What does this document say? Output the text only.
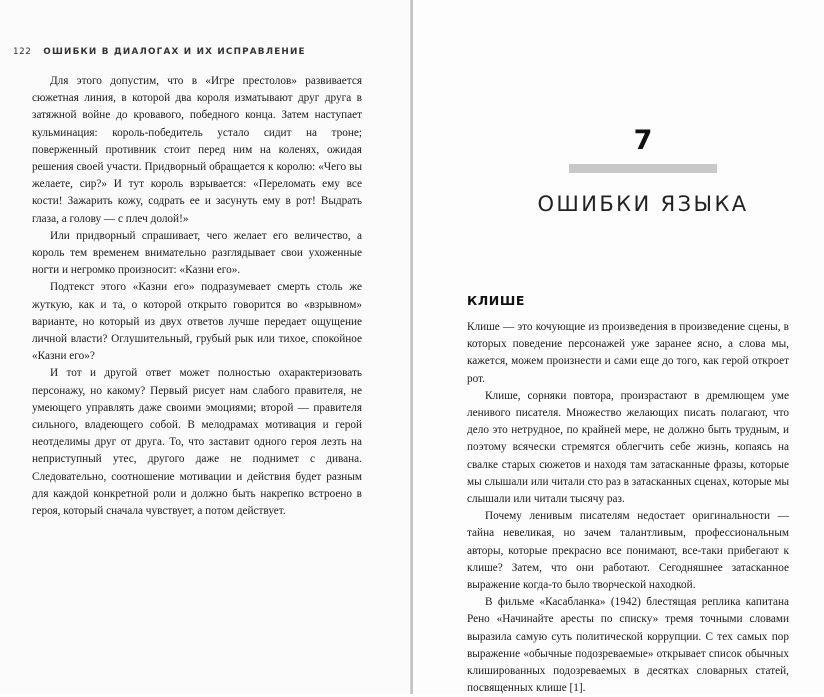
122 ОШИБКИ В ДИАЛОГАХ И ИХ ИСПРАВЛЕНИЕ

Для этого допустим, что в «Игре престолов» развивается сюжетная линия, в которой два короля изматывают друг друга в затяжной войне до кровавого, победного конца. Затем наступает кульминация: король-победитель устало сидит на троне; поверженный противник стоит перед ним на коленях, ожидая решения своей участи. Придворный обращается к королю: «Чего вы желаете, сир?» И тут король взрывается: «Переломать ему все кости! Зажарить кожу, содрать ее и засунуть ему в рот! Выдрать глаза, а голову — с плеч долой!»

Или придворный спрашивает, чего желает его величество, а король тем временем внимательно разглядывает свои ухоженные ногти и негромко произносит: «Казни его».

Подтекст этого «Казни его» подразумевает смерть столь же жуткую, как и та, о которой открыто говорится во «взрывном» варианте, но который из двух ответов лучше передает ощущение личной власти? Оглушительный, грубый рык или тихое, спокойное «Казни его»?

И тот и другой ответ может полностью охарактеризовать персонажу, но какому? Первый рисует нам слабого правителя, не умеющего управлять даже своими эмоциями; второй — правителя сильного, владеющего собой. В мелодрамах мотивация и герой неотделимы друг от друга. То, что заставит одного героя лезть на неприступный утес, другого даже не поднимет с дивана. Следовательно, соотношение мотивации и действия будет разным для каждой конкретной роли и должно быть накрепко встроено в героя, который сначала чувствует, а потом действует.

7
ОШИБКИ ЯЗЫКА
КЛИШЕ

Клише — это кочующие из произведения в произведение сцены, в которых поведение персонажей уже заранее ясно, а слова мы, кажется, можем произнести и сами еще до того, как герой откроет рот.

Клише, сорняки повтора, произрастают в дремлющем уме ленивого писателя. Множество желающих писать полагают, что дело это нетрудное, по крайней мере, не должно быть трудным, и поэтому всячески стремятся облегчить себе жизнь, копаясь на свалке старых сюжетов и находя там затасканные фразы, которые мы слышали или читали сто раз в затасканных сценах, которые мы слышали или читали тысячу раз.

Почему ленивым писателям недостает оригинальности — тайна невеликая, но зачем талантливым, профессиональным авторы, которые прекрасно все понимают, все-таки прибегают к клише? Затем, что они работают. Сегодняшнее затасканное выражение когда-то было творческой находкой.

В фильме «Касабланка» (1942) блестящая реплика капитана Рено «Начинайте аресты по списку» тремя точными словами выразила самую суть политической коррупции. С тех самых пор выражение «обычные подозреваемые» открывает список обычных клишированных подозреваемых в десятках словарных статей, посвященных клише [1].
